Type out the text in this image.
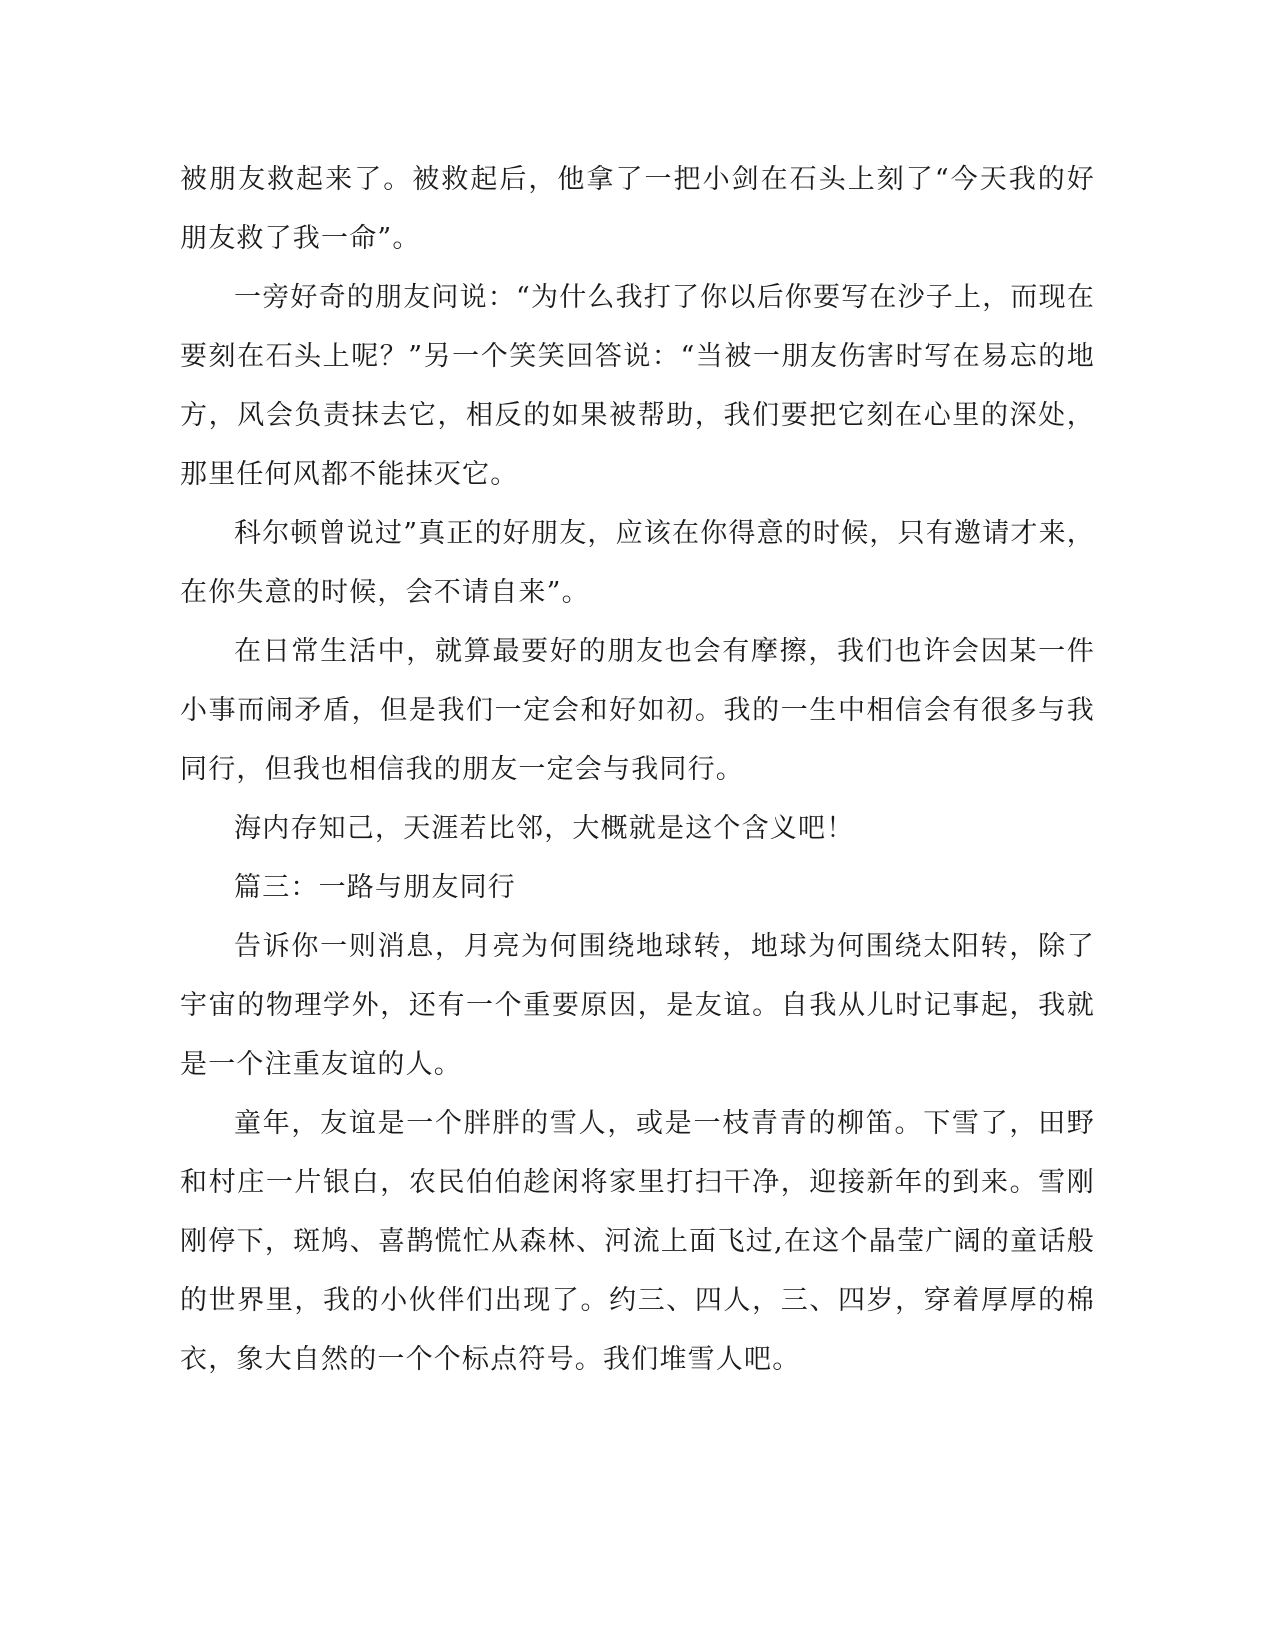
被朋友救起来了。被救起后，他拿了一把小剑在石头上刻了“今天我的好朋友救了我一命”。

一旁好奇的朋友问说：“为什么我打了你以后你要写在沙子上，而现在要刻在石头上呢？”另一个笑笑回答说：“当被一朋友伤害时写在易忘的地方，风会负责抹去它，相反的如果被帮助，我们要把它刻在心里的深处，那里任何风都不能抹灭它。

科尔顿曾说过”真正的好朋友，应该在你得意的时候，只有邀请才来，在你失意的时候，会不请自来”。

在日常生活中，就算最要好的朋友也会有摩擦，我们也许会因某一件小事而闹矛盾，但是我们一定会和好如初。我的一生中相信会有很多与我同行，但我也相信我的朋友一定会与我同行。

海内存知己，天涯若比邻，大概就是这个含义吧！

篇三：一路与朋友同行

告诉你一则消息，月亮为何围绕地球转，地球为何围绕太阳转，除了宇宙的物理学外，还有一个重要原因，是友谊。自我从儿时记事起，我就是一个注重友谊的人。

童年，友谊是一个胖胖的雪人，或是一枝青青的柳笛。下雪了，田野和村庄一片银白，农民伯伯趁闲将家里打扫干净，迎接新年的到来。雪刚刚停下，斑鸠、喜鹊慌忙从森林、河流上面飞过,在这个晶莹广阔的童话般的世界里，我的小伙伴们出现了。约三、四人，三、四岁，穿着厚厚的棉衣，象大自然的一个个标点符号。我们堆雪人吧。
